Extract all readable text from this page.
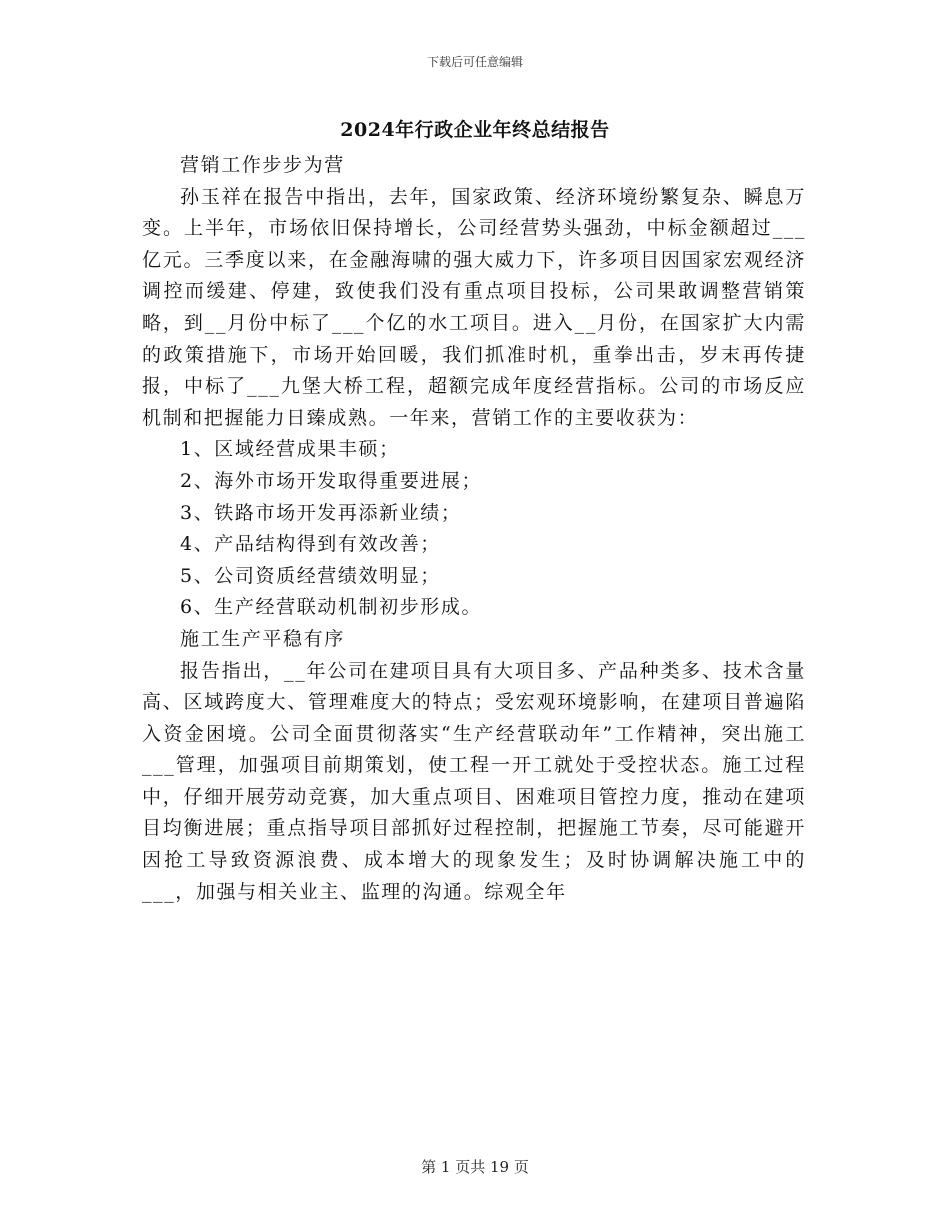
下载后可任意编辑
2024年行政企业年终总结报告

营销工作步步为营

孙玉祥在报告中指出，去年，国家政策、经济环境纷繁复杂、瞬息万变。上半年，市场依旧保持增长，公司经营势头强劲，中标金额超过___亿元。三季度以来，在金融海啸的强大威力下，许多项目因国家宏观经济调控而缓建、停建，致使我们没有重点项目投标，公司果敢调整营销策略，到__月份中标了___个亿的水工项目。进入__月份，在国家扩大内需的政策措施下，市场开始回暖，我们抓准时机，重拳出击，岁末再传捷报，中标了___九堡大桥工程，超额完成年度经营指标。公司的市场反应机制和把握能力日臻成熟。一年来，营销工作的主要收获为：

1、区域经营成果丰硕；

2、海外市场开发取得重要进展；

3、铁路市场开发再添新业绩；

4、产品结构得到有效改善；

5、公司资质经营绩效明显；

6、生产经营联动机制初步形成。

施工生产平稳有序

报告指出，__年公司在建项目具有大项目多、产品种类多、技术含量高、区域跨度大、管理难度大的特点；受宏观环境影响，在建项目普遍陷入资金困境。公司全面贯彻落实“生产经营联动年”工作精神，突出施工___管理，加强项目前期策划，使工程一开工就处于受控状态。施工过程中，仔细开展劳动竞赛，加大重点项目、困难项目管控力度，推动在建项目均衡进展；重点指导项目部抓好过程控制，把握施工节奏，尽可能避开因抢工导致资源浪费、成本增大的现象发生；及时协调解决施工中的___，加强与相关业主、监理的沟通。综观全年

第 1 页共 19 页
